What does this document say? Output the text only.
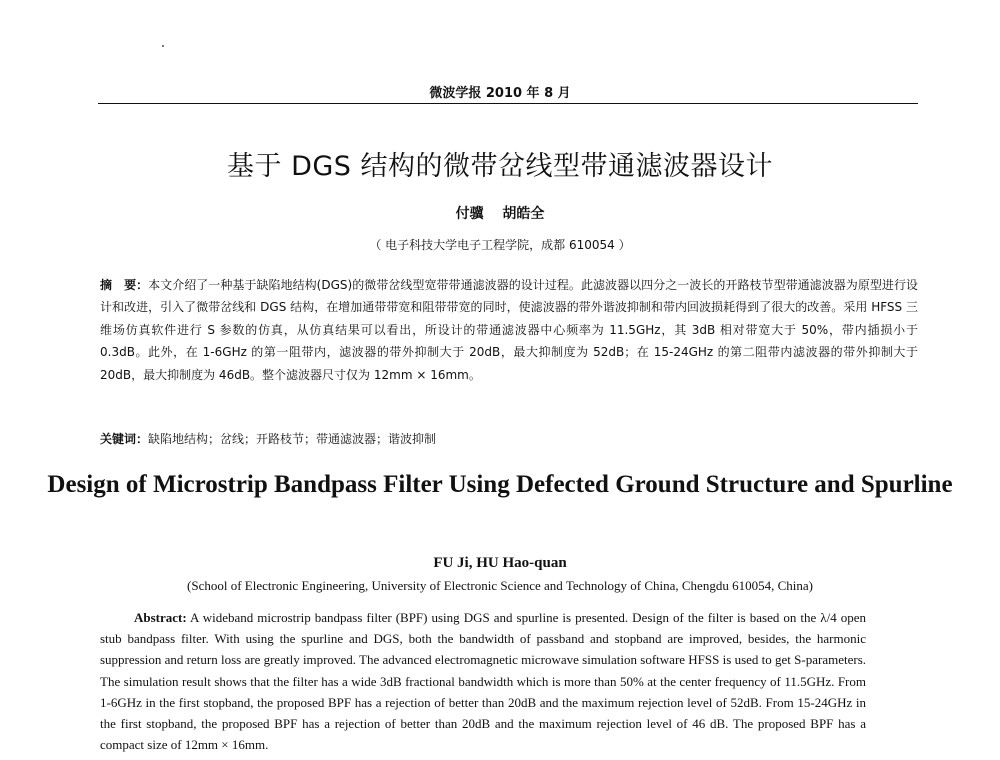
微波学报 2010 年 8 月
基于 DGS 结构的微带岔线型带通滤波器设计
付骥 胡皓全
（ 电子科技大学电子工程学院，成都 610054 ）
摘　要：本文介绍了一种基于缺陷地结构(DGS)的微带岔线型宽带带通滤波器的设计过程。此滤波器以四分之一波长的开路枝节型带通滤波器为原型进行设计和改进，引入了微带岔线和 DGS 结构，在增加通带带宽和阻带带宽的同时，使滤波器的带外谐波抑制和带内回波损耗得到了很大的改善。采用 HFSS 三维场仿真软件进行 S 参数的仿真，从仿真结果可以看出，所设计的带通滤波器中心频率为 11.5GHz，其 3dB 相对带宽大于 50%，带内插损小于 0.3dB。此外，在 1-6GHz 的第一阻带内，滤波器的带外抑制大于 20dB，最大抑制度为 52dB；在 15-24GHz 的第二阻带内滤波器的带外抑制大于 20dB，最大抑制度为 46dB。整个滤波器尺寸仅为 12mm × 16mm。
关键词：缺陷地结构；岔线；开路枝节；带通滤波器；谐波抑制
Design of Microstrip Bandpass Filter Using Defected Ground Structure and Spurline
FU Ji, HU Hao-quan
(School of Electronic Engineering, University of Electronic Science and Technology of China, Chengdu 610054, China)
Abstract: A wideband microstrip bandpass filter (BPF) using DGS and spurline is presented. Design of the filter is based on the λ/4 open stub bandpass filter. With using the spurline and DGS, both the bandwidth of passband and stopband are improved, besides, the harmonic suppression and return loss are greatly improved. The advanced electromagnetic microwave simulation software HFSS is used to get S-parameters. The simulation result shows that the filter has a wide 3dB fractional bandwidth which is more than 50% at the center frequency of 11.5GHz. From 1-6GHz in the first stopband, the proposed BPF has a rejection of better than 20dB and the maximum rejection level of 52dB. From 15-24GHz in the first stopband, the proposed BPF has a rejection of better than 20dB and the maximum rejection level of 46 dB. The proposed BPF has a compact size of 12mm × 16mm.
